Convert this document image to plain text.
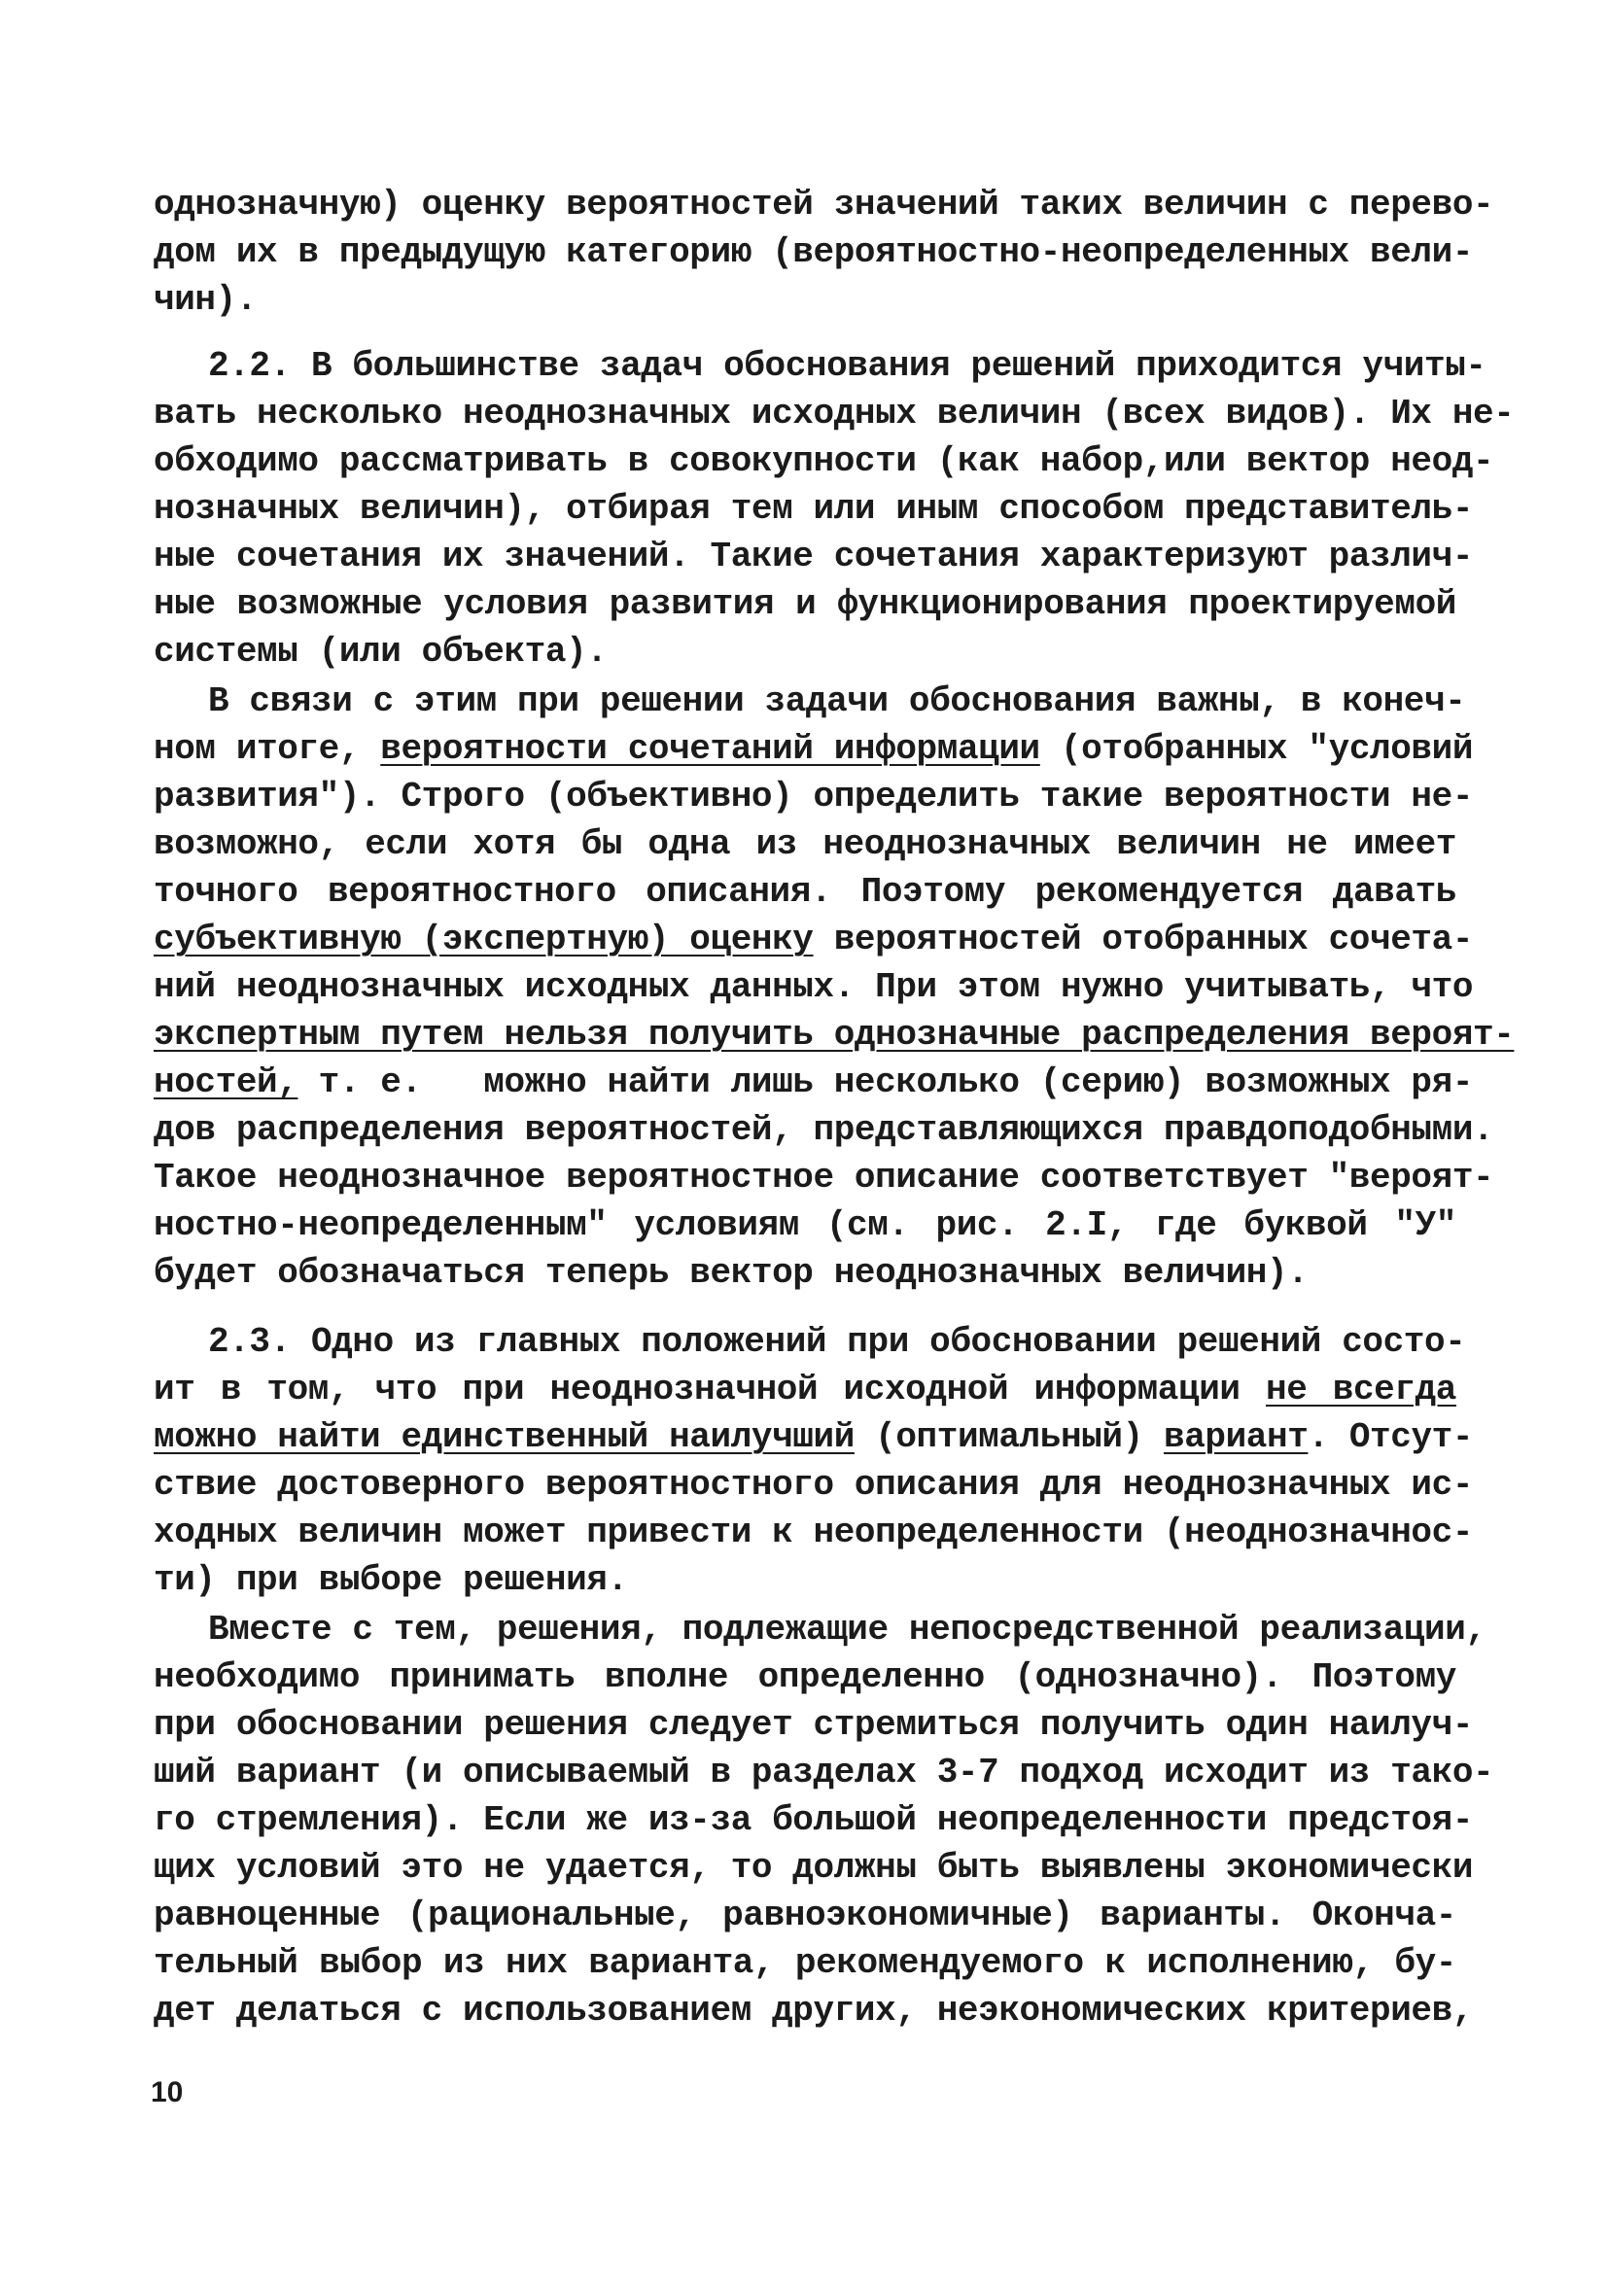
однозначную) оценку вероятностей значений таких величин с перево-
дом их в предыдущую категорию (вероятностно-неопределенных вели-
чин).
2.2. В большинстве задач обоснования решений приходится учиты-
вать несколько неоднозначных исходных величин (всех видов). Их не-
обходимо рассматривать в совокупности (как набор,или вектор неод-
нозначных величин), отбирая тем или иным способом представитель-
ные сочетания их значений. Такие сочетания характеризуют различ-
ные возможные условия развития и функционирования проектируемой
системы (или объекта).
В связи с этим при решении задачи обоснования важны, в конеч-
ном итоге, вероятности сочетаний информации (отобранных "условий
развития"). Строго (объективно) определить такие вероятности не-
возможно, если хотя бы одна из неоднозначных величин не имеет
точного вероятностного описания. Поэтому рекомендуется давать
субъективную (экспертную) оценку вероятностей отобранных сочета-
ний неоднозначных исходных данных. При этом нужно учитывать, что
экспертным путем нельзя получить однозначные распределения вероят-
ностей, т. е.   можно найти лишь несколько (серию) возможных ря-
дов распределения вероятностей, представляющихся правдоподобными.
Такое неоднозначное вероятностное описание соответствует "вероят-
ностно-неопределенным" условиям (см. рис. 2.I, где буквой "У"
будет обозначаться теперь вектор неоднозначных величин).
2.3. Одно из главных положений при обосновании решений состо-
ит в том, что при неоднозначной исходной информации не всегда
можно найти единственный наилучший (оптимальный) вариант. Отсут-
ствие достоверного вероятностного описания для неоднозначных ис-
ходных величин может привести к неопределенности (неоднозначнос-
ти) при выборе решения.
Вместе с тем, решения, подлежащие непосредственной реализации,
необходимо принимать вполне определенно (однозначно). Поэтому
при обосновании решения следует стремиться получить один наилуч-
ший вариант (и описываемый в разделах 3-7 подход исходит из тако-
го стремления). Если же из-за большой неопределенности предстоя-
щих условий это не удается, то должны быть выявлены экономически
равноценные (рациональные, равноэкономичные) варианты. Оконча-
тельный выбор из них варианта, рекомендуемого к исполнению, бу-
дет делаться с использованием других, неэкономических критериев,
10
